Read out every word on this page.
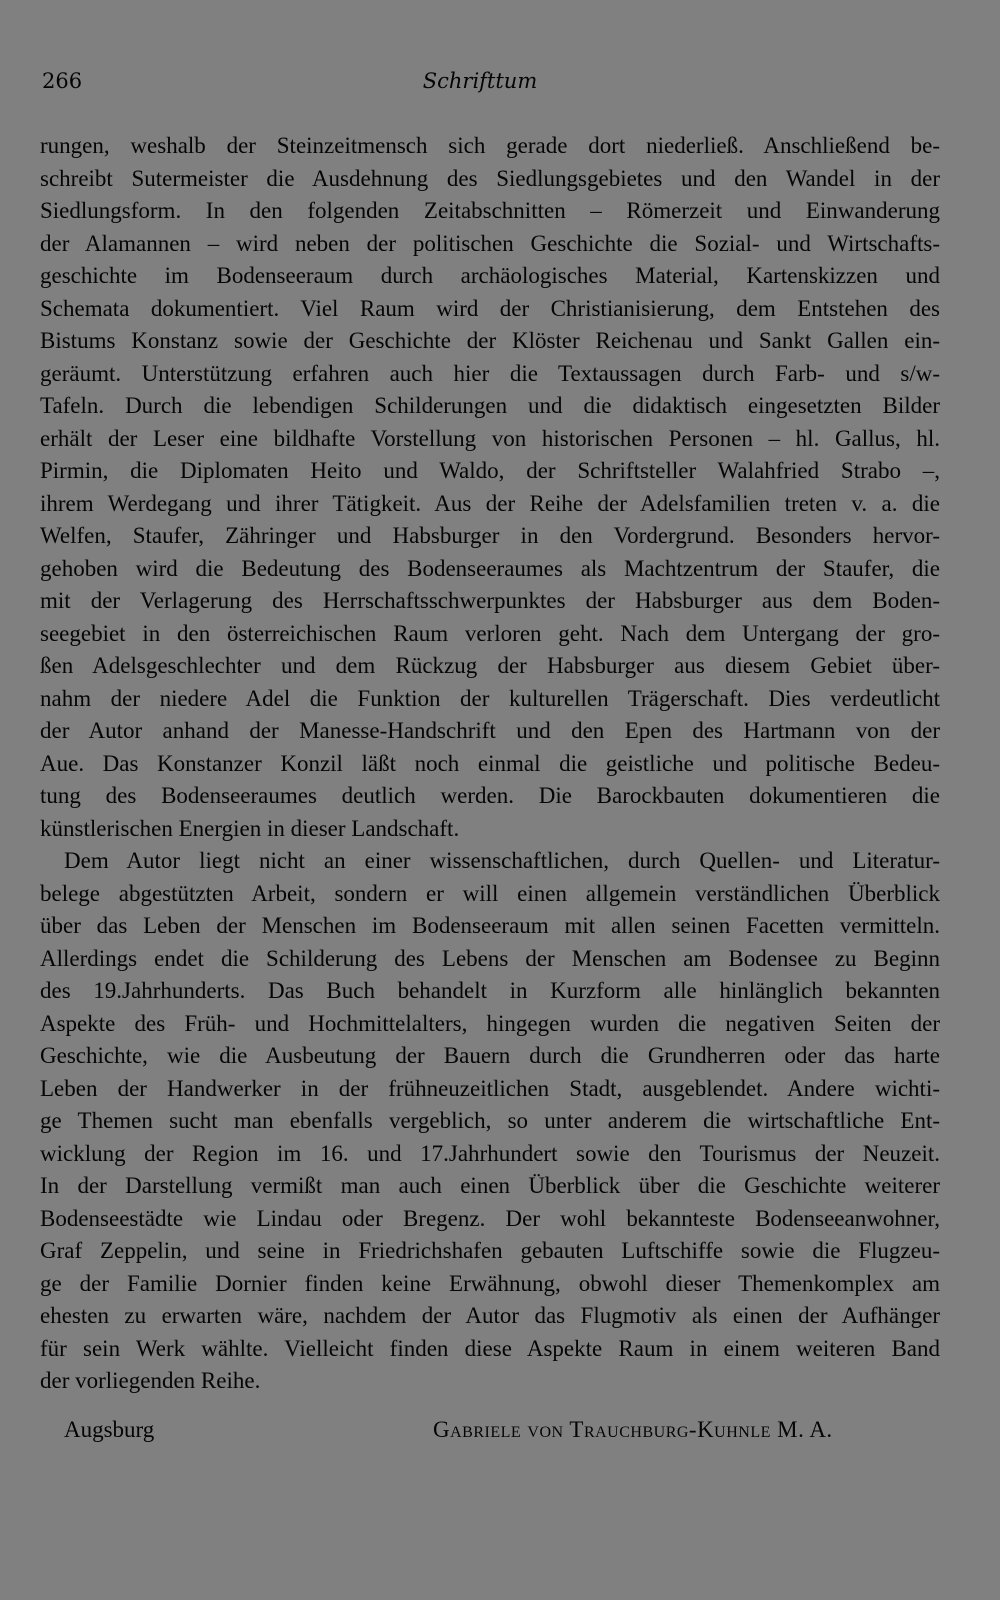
266	Schrifttum
rungen, weshalb der Steinzeitmensch sich gerade dort niederließ. Anschließend be-
schreibt Sutermeister die Ausdehnung des Siedlungsgebietes und den Wandel in der
Siedlungsform. In den folgenden Zeitabschnitten – Römerzeit und Einwanderung
der Alamannen – wird neben der politischen Geschichte die Sozial- und Wirtschafts-
geschichte im Bodenseeraum durch archäologisches Material, Kartenskizzen und
Schemata dokumentiert. Viel Raum wird der Christianisierung, dem Entstehen des
Bistums Konstanz sowie der Geschichte der Klöster Reichenau und Sankt Gallen ein-
geräumt. Unterstützung erfahren auch hier die Textaussagen durch Farb- und s/w-
Tafeln. Durch die lebendigen Schilderungen und die didaktisch eingesetzten Bilder
erhält der Leser eine bildhafte Vorstellung von historischen Personen – hl. Gallus, hl.
Pirmin, die Diplomaten Heito und Waldo, der Schriftsteller Walahfried Strabo –,
ihrem Werdegang und ihrer Tätigkeit. Aus der Reihe der Adelsfamilien treten v. a. die
Welfen, Staufer, Zähringer und Habsburger in den Vordergrund. Besonders hervor-
gehoben wird die Bedeutung des Bodenseeraumes als Machtzentrum der Staufer, die
mit der Verlagerung des Herrschaftsschwerpunktes der Habsburger aus dem Boden-
seegebiet in den österreichischen Raum verloren geht. Nach dem Untergang der gro-
ßen Adelsgeschlechter und dem Rückzug der Habsburger aus diesem Gebiet über-
nahm der niedere Adel die Funktion der kulturellen Trägerschaft. Dies verdeutlicht
der Autor anhand der Manesse-Handschrift und den Epen des Hartmann von der
Aue. Das Konstanzer Konzil läßt noch einmal die geistliche und politische Bedeu-
tung des Bodenseeraumes deutlich werden. Die Barockbauten dokumentieren die
künstlerischen Energien in dieser Landschaft.
Dem Autor liegt nicht an einer wissenschaftlichen, durch Quellen- und Literatur-
belege abgestützten Arbeit, sondern er will einen allgemein verständlichen Überblick
über das Leben der Menschen im Bodenseeraum mit allen seinen Facetten vermitteln.
Allerdings endet die Schilderung des Lebens der Menschen am Bodensee zu Beginn
des 19.Jahrhunderts. Das Buch behandelt in Kurzform alle hinlänglich bekannten
Aspekte des Früh- und Hochmittelalters, hingegen wurden die negativen Seiten der
Geschichte, wie die Ausbeutung der Bauern durch die Grundherren oder das harte
Leben der Handwerker in der frühneuzeitlichen Stadt, ausgeblendet. Andere wichti-
ge Themen sucht man ebenfalls vergeblich, so unter anderem die wirtschaftliche Ent-
wicklung der Region im 16. und 17.Jahrhundert sowie den Tourismus der Neuzeit.
In der Darstellung vermißt man auch einen Überblick über die Geschichte weiterer
Bodenseestädte wie Lindau oder Bregenz. Der wohl bekannteste Bodenseeanwohner,
Graf Zeppelin, und seine in Friedrichshafen gebauten Luftschiffe sowie die Flugzeu-
ge der Familie Dornier finden keine Erwähnung, obwohl dieser Themenkomplex am
ehesten zu erwarten wäre, nachdem der Autor das Flugmotiv als einen der Aufhänger
für sein Werk wählte. Vielleicht finden diese Aspekte Raum in einem weiteren Band
der vorliegenden Reihe.
Augsburg	Gabriele von Trauchburg-Kuhnle M. A.
